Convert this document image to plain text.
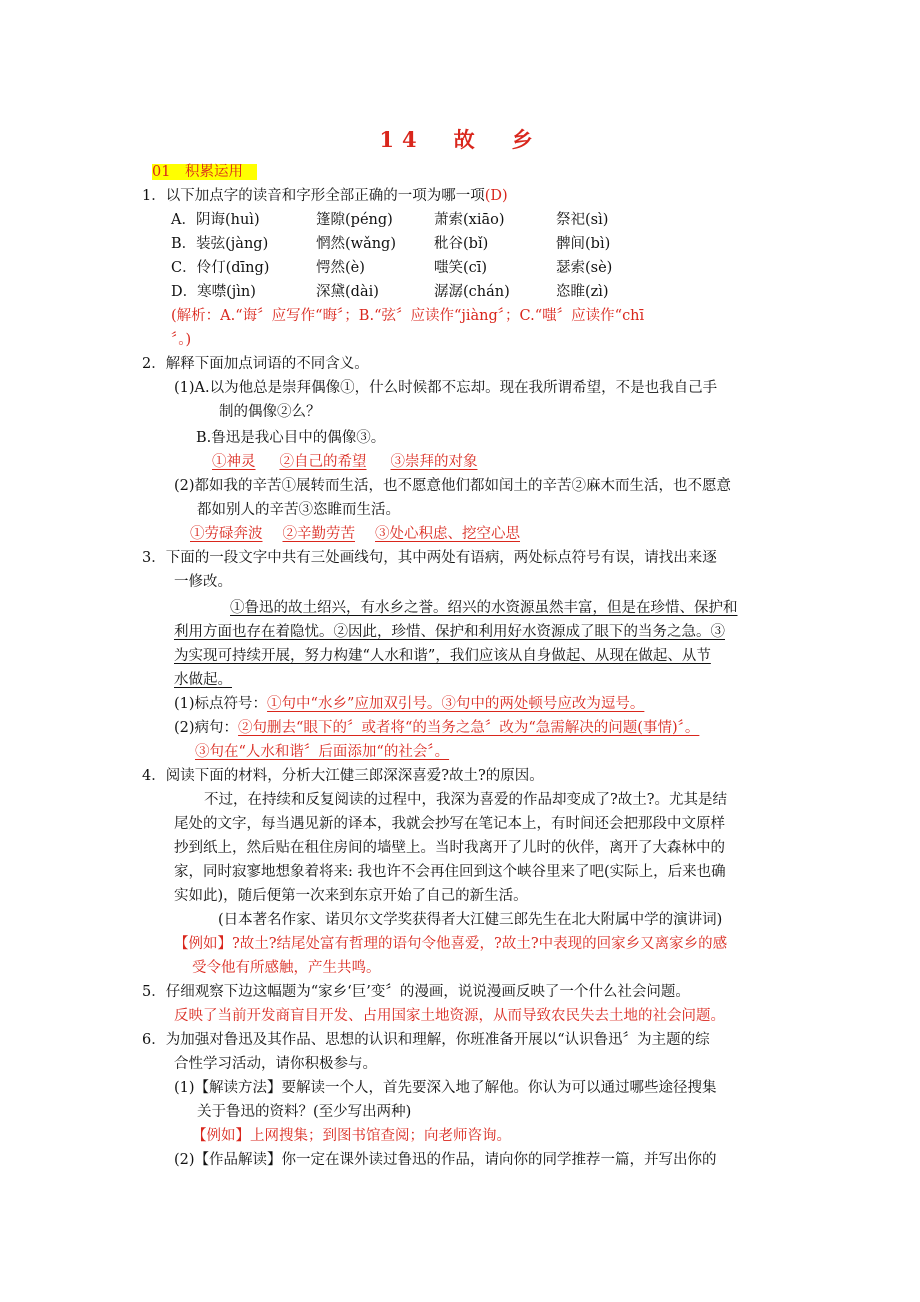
14　故　乡
01　积累运用
1．以下加点字的读音和字形全部正确的一项为哪一项(D)
A．阴诲(huì)	篷隙(péng)	萧索(xiāo)	祭祀(sì)
B．装弦(jàng)	惘然(wǎng)	秕谷(bǐ)	髀间(bì)
C．伶仃(dīng)	愕然(è)	嗤笑(cī)	瑟索(sè)
D．寒噤(jìn)	深黛(dài)	潺潺(chán)	恣睢(zì)
(解析：A.“诲〞应写作“晦〞；B.“弦〞应读作“jiàng〞；C.“嗤〞应读作“chī
〞。)
2．解释下面加点词语的不同含义。
(1)A.以为他总是崇拜偶像①，什么时候都不忘却。现在我所谓希望，不是也我自己手
制的偶像②么？
B.鲁迅是我心目中的偶像③。
①神灵 ②自己的希望 ③崇拜的对象
(2)都如我的辛苦①展转而生活，也不愿意他们都如闰土的辛苦②麻木而生活，也不愿意
都如别人的辛苦③恣睢而生活。
①劳碌奔波 ②辛勤劳苦 ③处心积虑、挖空心思
3．下面的一段文字中共有三处画线句，其中两处有语病，两处标点符号有误，请找出来逐
一修改。
①鲁迅的故土绍兴，有水乡之誉。绍兴的水资源虽然丰富，但是在珍惜、保护和
利用方面也存在着隐忧。②因此，珍惜、保护和利用好水资源成了眼下的当务之急。③
为实现可持续开展，努力构建“人水和谐”，我们应该从自身做起、从现在做起、从节
水做起。
(1)标点符号：①句中“水乡”应加双引号。③句中的两处顿号应改为逗号。
(2)病句：②句删去“眼下的〞或者将“的当务之急〞改为“急需解决的问题(事情)〞。
③句在“人水和谐〞后面添加“的社会〞。
4．阅读下面的材料，分析大江健三郎深深喜爱?故土?的原因。
不过，在持续和反复阅读的过程中，我深为喜爱的作品却变成了?故土?。尤其是结
尾处的文字，每当遇见新的译本，我就会抄写在笔记本上，有时间还会把那段中文原样
抄到纸上，然后贴在租住房间的墙壁上。当时我离开了儿时的伙伴，离开了大森林中的
家，同时寂寥地想象着将来: 我也许不会再住回到这个峡谷里来了吧(实际上，后来也确
实如此)，随后便第一次来到东京开始了自己的新生活。
(日本著名作家、诺贝尔文学奖获得者大江健三郎先生在北大附属中学的演讲词)
【例如】?故土?结尾处富有哲理的语句令他喜爱，?故土?中表现的回家乡又离家乡的感
受令他有所感触，产生共鸣。
5．仔细观察下边这幅题为“家乡‘巨’变〞的漫画，说说漫画反映了一个什么社会问题。
反映了当前开发商盲目开发、占用国家土地资源，从而导致农民失去土地的社会问题。
6．为加强对鲁迅及其作品、思想的认识和理解，你班准备开展以“认识鲁迅〞为主题的综
合性学习活动，请你积极参与。
(1)【解读方法】要解读一个人，首先要深入地了解他。你认为可以通过哪些途径搜集
关于鲁迅的资料？(至少写出两种)
【例如】上网搜集；到图书馆查阅；向老师咨询。
(2)【作品解读】你一定在课外读过鲁迅的作品，请向你的同学推荐一篇，并写出你的
